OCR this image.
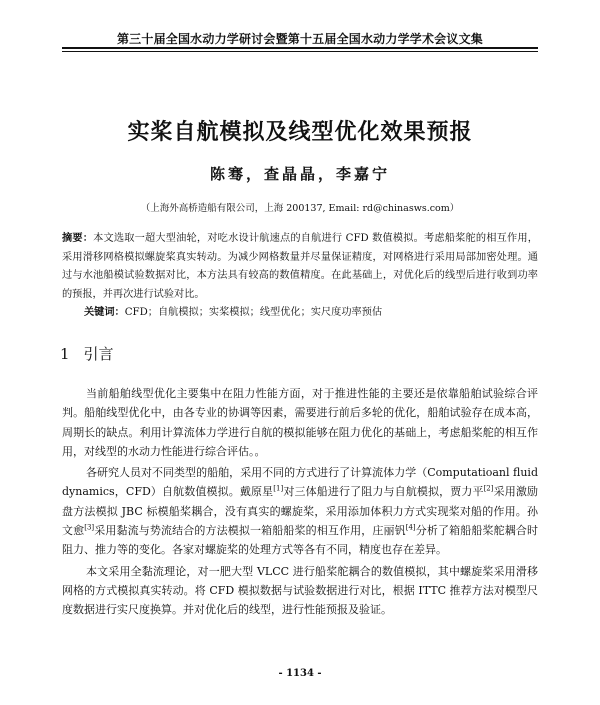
第三十届全国水动力学研讨会暨第十五届全国水动力学学术会议文集
实桨自航模拟及线型优化效果预报
陈骞，查晶晶，李嘉宁
（上海外高桥造船有限公司，上海 200137, Email: rd@chinasws.com）
摘要：本文选取一超大型油轮，对吃水设计航速点的自航进行 CFD 数值模拟。考虑船桨舵的相互作用，采用滑移网格模拟螺旋桨真实转动。为减少网格数量并尽量保证精度，对网格进行采用局部加密处理。通过与水池船模试验数据对比，本方法具有较高的数值精度。在此基础上，对优化后的线型后进行收到功率的预报，并再次进行试验对比。
关键词：CFD；自航模拟；实桨模拟；线型优化；实尺度功率预估
1 引言

当前船舶线型优化主要集中在阻力性能方面，对于推进性能的主要还是依靠船舶试验综合评判。船舶线型优化中，由各专业的协调等因素，需要进行前后多轮的优化，船舶试验存在成本高，周期长的缺点。利用计算流体力学进行自航的模拟能够在阻力优化的基础上，考虑船桨舵的相互作用，对线型的水动力性能进行综合评估。。

各研究人员对不同类型的船舶，采用不同的方式进行了计算流体力学（Computatioanl fluid dynamics，CFD）自航数值模拟。戴原星[1]对三体船进行了阻力与自航模拟，贾力平[2]采用激励盘方法模拟 JBC 标模船桨耦合，没有真实的螺旋桨，采用添加体积力方式实现桨对船的作用。孙文愈[3]采用黏流与势流结合的方法模拟一箱船船桨的相互作用，庄丽钒[4]分析了箱船船桨舵耦合时阻力、推力等的变化。各家对螺旋桨的处理方式等各有不同，精度也存在差异。

本文采用全黏流理论，对一肥大型 VLCC 进行船桨舵耦合的数值模拟，其中螺旋桨采用滑移网格的方式模拟真实转动。将 CFD 模拟数据与试验数据进行对比，根据 ITTC 推荐方法对模型尺度数据进行实尺度换算。并对优化后的线型，进行性能预报及验证。

- 1134 -
